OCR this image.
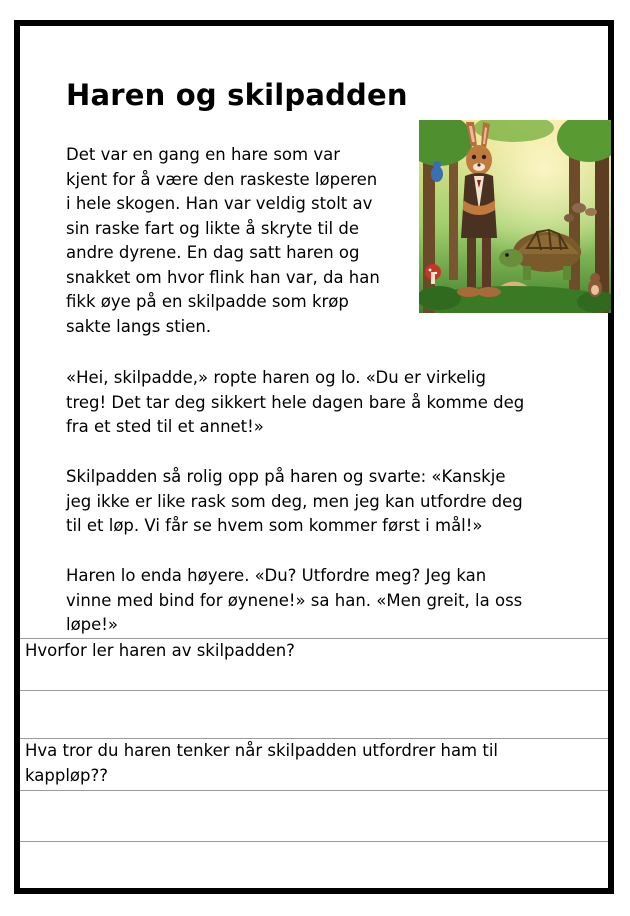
Haren og skilpadden

Det var en gang en hare som var
kjent for å være den raskeste løperen
i hele skogen. Han var veldig stolt av
sin raske fart og likte å skryte til de
andre dyrene. En dag satt haren og
snakket om hvor flink han var, da han
fikk øye på en skilpadde som krøp
sakte langs stien.

«Hei, skilpadde,» ropte haren og lo. «Du er virkelig
treg! Det tar deg sikkert hele dagen bare å komme deg
fra et sted til et annet!»

Skilpadden så rolig opp på haren og svarte: «Kanskje
jeg ikke er like rask som deg, men jeg kan utfordre deg
til et løp. Vi får se hvem som kommer først i mål!»

Haren lo enda høyere. «Du? Utfordre meg? Jeg kan
vinne med bind for øynene!» sa han. «Men greit, la oss
løpe!»

Hvorfor ler haren av skilpadden?

Hva tror du haren tenker når skilpadden utfordrer ham til
kappløp??
